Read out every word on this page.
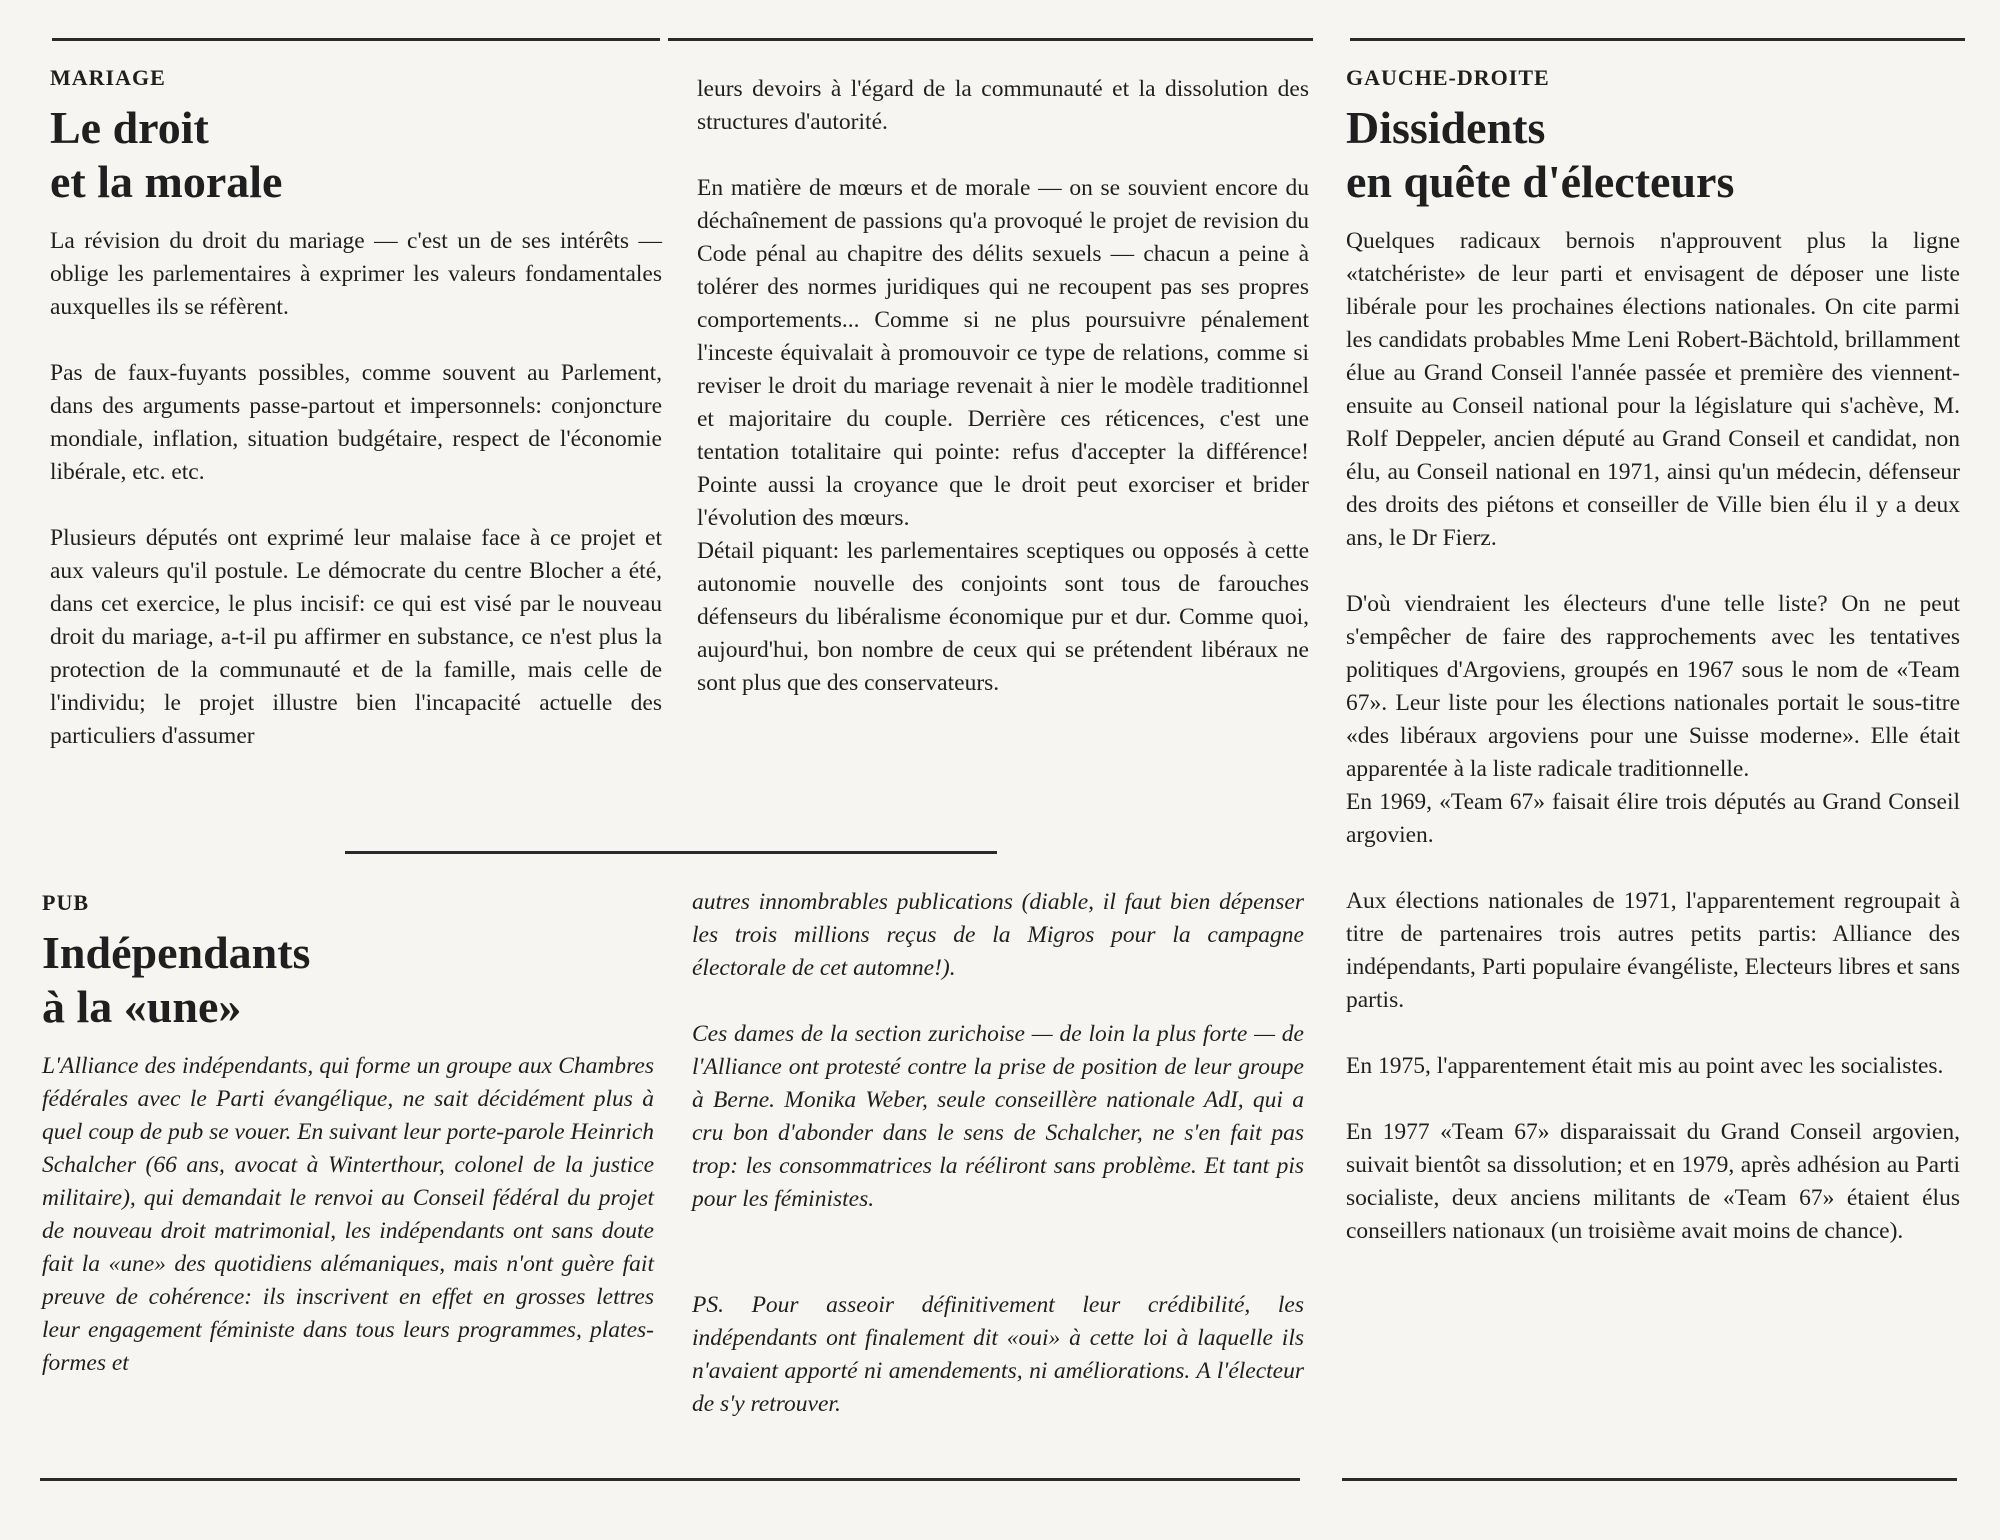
MARIAGE
Le droit
et la morale

La révision du droit du mariage — c'est un de ses intérêts — oblige les parlementaires à exprimer les valeurs fondamentales auxquelles ils se réfèrent.

Pas de faux-fuyants possibles, comme souvent au Parlement, dans des arguments passe-partout et impersonnels: conjoncture mondiale, inflation, situation budgétaire, respect de l'économie libérale, etc. etc.

Plusieurs députés ont exprimé leur malaise face à ce projet et aux valeurs qu'il postule. Le démocrate du centre Blocher a été, dans cet exercice, le plus incisif: ce qui est visé par le nouveau droit du mariage, a-t-il pu affirmer en substance, ce n'est plus la protection de la communauté et de la famille, mais celle de l'individu; le projet illustre bien l'incapacité actuelle des particuliers d'assumer

leurs devoirs à l'égard de la communauté et la dissolution des structures d'autorité.

En matière de mœurs et de morale — on se souvient encore du déchaînement de passions qu'a provoqué le projet de revision du Code pénal au chapitre des délits sexuels — chacun a peine à tolérer des normes juridiques qui ne recoupent pas ses propres comportements... Comme si ne plus poursuivre pénalement l'inceste équivalait à promouvoir ce type de relations, comme si reviser le droit du mariage revenait à nier le modèle traditionnel et majoritaire du couple. Derrière ces réticences, c'est une tentation totalitaire qui pointe: refus d'accepter la différence! Pointe aussi la croyance que le droit peut exorciser et brider l'évolution des mœurs.

Détail piquant: les parlementaires sceptiques ou opposés à cette autonomie nouvelle des conjoints sont tous de farouches défenseurs du libéralisme économique pur et dur. Comme quoi, aujourd'hui, bon nombre de ceux qui se prétendent libéraux ne sont plus que des conservateurs.

PUB
Indépendants
à la «une»

L'Alliance des indépendants, qui forme un groupe aux Chambres fédérales avec le Parti évangélique, ne sait décidément plus à quel coup de pub se vouer. En suivant leur porte-parole Heinrich Schalcher (66 ans, avocat à Winterthour, colonel de la justice militaire), qui demandait le renvoi au Conseil fédéral du projet de nouveau droit matrimonial, les indépendants ont sans doute fait la «une» des quotidiens alémaniques, mais n'ont guère fait preuve de cohérence: ils inscrivent en effet en grosses lettres leur engagement féministe dans tous leurs programmes, plates-formes et

autres innombrables publications (diable, il faut bien dépenser les trois millions reçus de la Migros pour la campagne électorale de cet automne!).

Ces dames de la section zurichoise — de loin la plus forte — de l'Alliance ont protesté contre la prise de position de leur groupe à Berne. Monika Weber, seule conseillère nationale AdI, qui a cru bon d'abonder dans le sens de Schalcher, ne s'en fait pas trop: les consommatrices la rééliront sans problème. Et tant pis pour les féministes.

PS. Pour asseoir définitivement leur crédibilité, les indépendants ont finalement dit «oui» à cette loi à laquelle ils n'avaient apporté ni amendements, ni améliorations. A l'électeur de s'y retrouver.

GAUCHE-DROITE
Dissidents
en quête d'électeurs

Quelques radicaux bernois n'approuvent plus la ligne «tatchériste» de leur parti et envisagent de déposer une liste libérale pour les prochaines élections nationales. On cite parmi les candidats probables Mme Leni Robert-Bächtold, brillamment élue au Grand Conseil l'année passée et première des viennent-ensuite au Conseil national pour la législature qui s'achève, M. Rolf Deppeler, ancien député au Grand Conseil et candidat, non élu, au Conseil national en 1971, ainsi qu'un médecin, défenseur des droits des piétons et conseiller de Ville bien élu il y a deux ans, le Dr Fierz.

D'où viendraient les électeurs d'une telle liste? On ne peut s'empêcher de faire des rapprochements avec les tentatives politiques d'Argoviens, groupés en 1967 sous le nom de «Team 67». Leur liste pour les élections nationales portait le sous-titre «des libéraux argoviens pour une Suisse moderne». Elle était apparentée à la liste radicale traditionnelle.

En 1969, «Team 67» faisait élire trois députés au Grand Conseil argovien.

Aux élections nationales de 1971, l'apparentement regroupait à titre de partenaires trois autres petits partis: Alliance des indépendants, Parti populaire évangéliste, Electeurs libres et sans partis.

En 1975, l'apparentement était mis au point avec les socialistes.

En 1977 «Team 67» disparaissait du Grand Conseil argovien, suivait bientôt sa dissolution; et en 1979, après adhésion au Parti socialiste, deux anciens militants de «Team 67» étaient élus conseillers nationaux (un troisième avait moins de chance).
